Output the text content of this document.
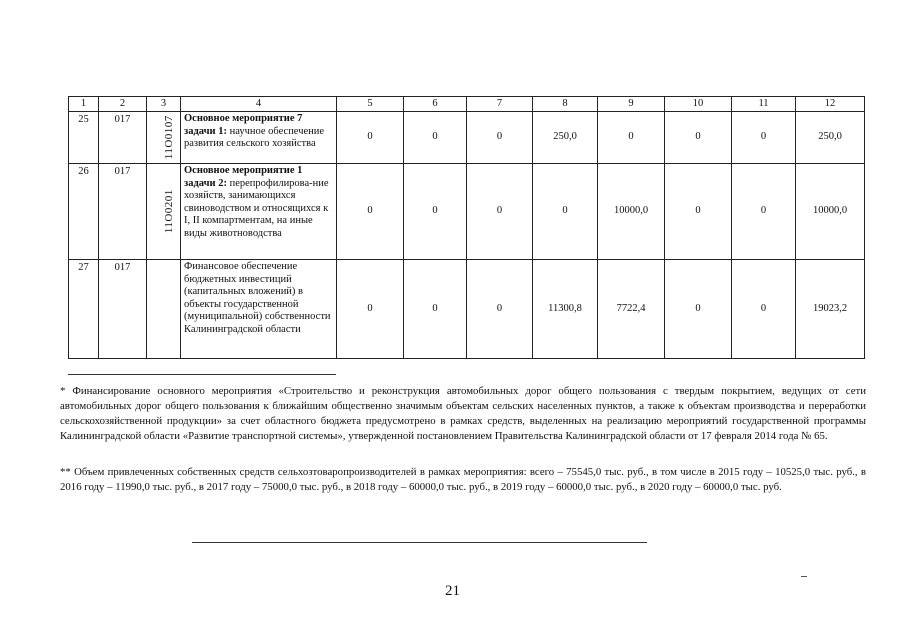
1	2	3	4	5	6	7	8	9	10	11	12
25	017	11О0107	Основное мероприятие 7 задачи 1: научное обеспечение развития сельского хозяйства	0	0	0	250,0	0	0	0	250,0
26	017	11О0201	Основное мероприятие 1 задачи 2: перепрофилирова-ние хозяйств, занимающихся свиноводством и относящихся к I, II компартментам, на иные виды животноводства	0	0	0	0	10000,0	0	0	10000,0
27	017		Финансовое обеспечение бюджетных инвестиций (капитальных вложений) в объекты государственной (муниципальной) собственности Калининградской области	0	0	0	11300,8	7722,4	0	0	19023,2
* Финансирование основного мероприятия «Строительство и реконструкция автомобильных дорог общего пользования с твердым покрытием, ведущих от сети автомобильных дорог общего пользования к ближайшим общественно значимым объектам сельских населенных пунктов, а также к объектам производства и переработки сельскохозяйственной продукции» за счет областного бюджета предусмотрено в рамках средств, выделенных на реализацию мероприятий государственной программы Калининградской области «Развитие транспортной системы», утвержденной постановлением Правительства Калининградской области от 17 февраля 2014 года № 65.
** Объем привлеченных собственных средств сельхозтоваропроизводителей в рамках мероприятия: всего – 75545,0 тыс. руб., в том числе в 2015 году – 10525,0 тыс. руб., в 2016 году – 11990,0 тыс. руб., в 2017 году – 75000,0 тыс. руб., в 2018 году – 60000,0 тыс. руб., в 2019 году – 60000,0 тыс. руб., в 2020 году – 60000,0 тыс. руб.
21
